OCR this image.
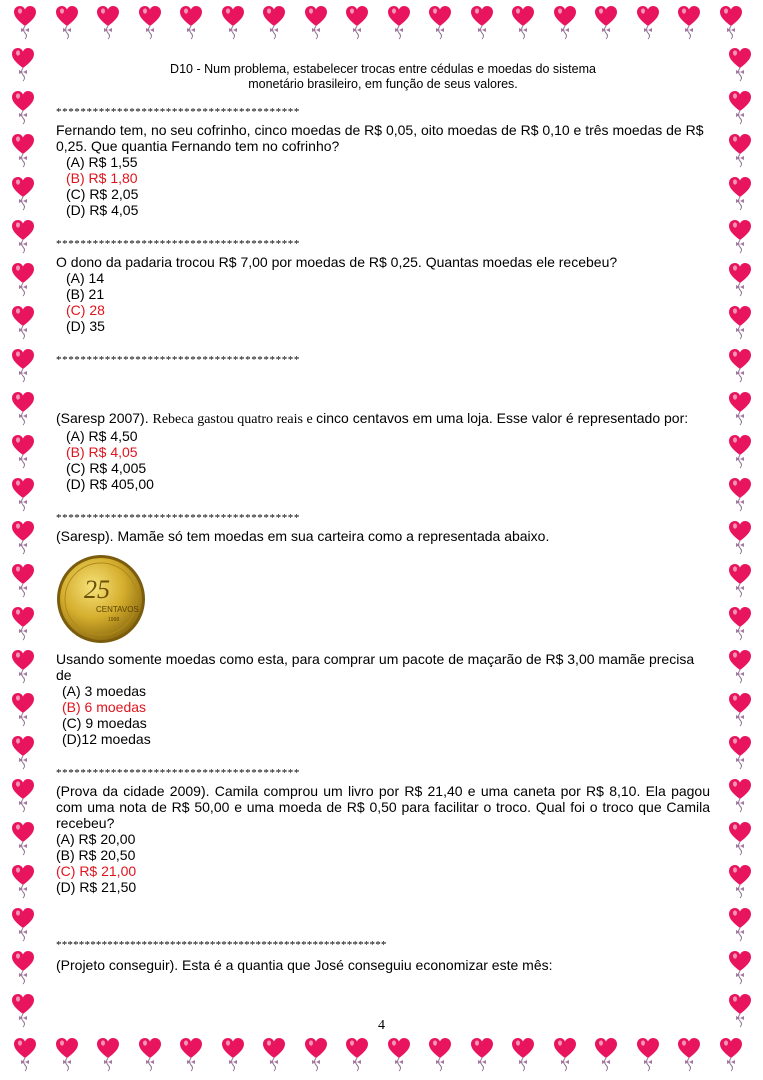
D10 - Num problema, estabelecer trocas entre cédulas e moedas do sistema
monetário brasileiro, em função de seus valores.
****************************************

Fernando tem, no seu cofrinho, cinco moedas de R$ 0,05, oito moedas de R$ 0,10 e três moedas de R$ 0,25. Que quantia Fernando tem no cofrinho?

(A) R$ 1,55
(B) R$ 1,80
(C) R$ 2,05
(D) R$ 4,05
****************************************

O dono da padaria trocou R$ 7,00 por moedas de R$ 0,25. Quantas moedas ele recebeu?

(A) 14
(B) 21
(C) 28
(D) 35
****************************************

(Saresp 2007). Rebeca gastou quatro reais e cinco centavos em uma loja. Esse valor é representado por:

(A) R$ 4,50
(B) R$ 4,05
(C) R$ 4,005
(D) R$ 405,00
****************************************

(Saresp). Mamãe só tem moedas em sua carteira como a representada abaixo.

25
CENTAVOS
1998

Usando somente moedas como esta, para comprar um pacote de maçarão de R$ 3,00 mamãe precisa de

(A) 3 moedas
(B) 6 moedas
(C) 9 moedas
(D)12 moedas
****************************************

(Prova da cidade 2009). Camila comprou um livro por R$ 21,40 e uma caneta por R$ 8,10. Ela pagou com uma nota de R$ 50,00 e uma moeda de R$ 0,50 para facilitar o troco. Qual foi o troco que Camila recebeu?

(A) R$ 20,00
(B) R$ 20,50
(C) R$ 21,00
(D) R$ 21,50
**********************************************************

(Projeto conseguir). Esta é a quantia que José conseguiu economizar este mês:

4
